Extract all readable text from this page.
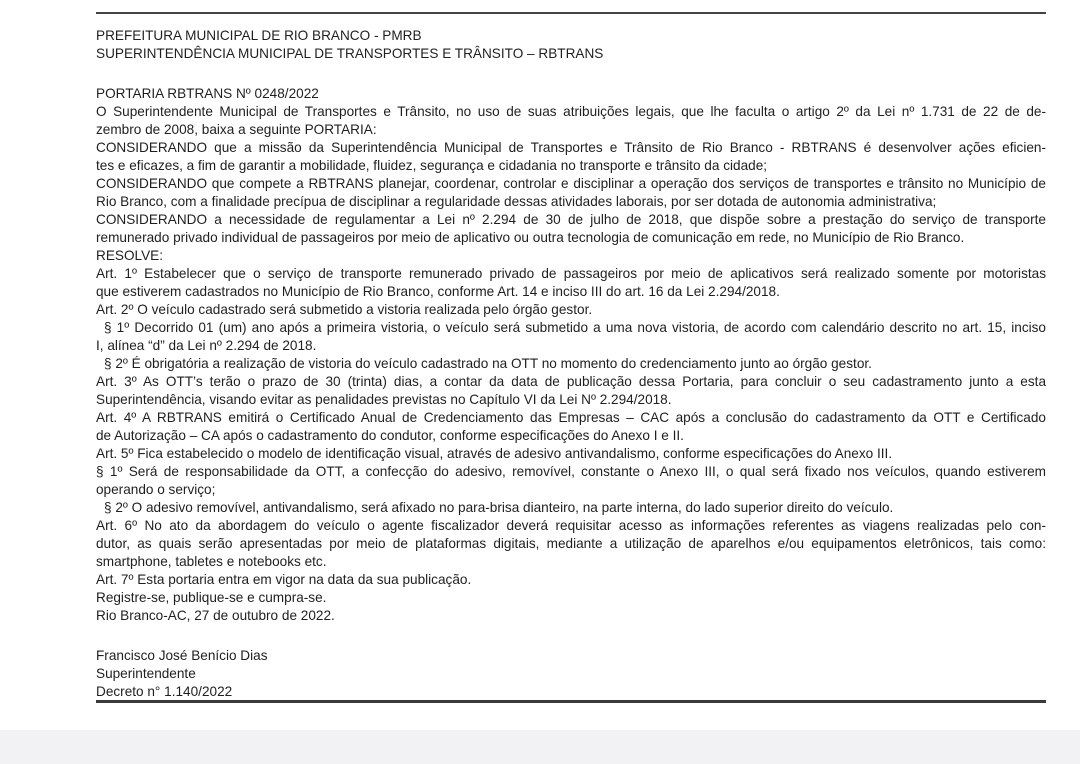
PREFEITURA MUNICIPAL DE RIO BRANCO - PMRB
SUPERINTENDÊNCIA MUNICIPAL DE TRANSPORTES E TRÂNSITO – RBTRANS
PORTARIA RBTRANS Nº 0248/2022
O Superintendente Municipal de Transportes e Trânsito, no uso de suas atribuições legais, que lhe faculta o artigo 2º da Lei nº 1.731 de 22 de de-
zembro de 2008, baixa a seguinte PORTARIA:
CONSIDERANDO que a missão da Superintendência Municipal de Transportes e Trânsito de Rio Branco - RBTRANS é desenvolver ações eficien-
tes e eficazes, a fim de garantir a mobilidade, fluidez, segurança e cidadania no transporte e trânsito da cidade;
CONSIDERANDO que compete a RBTRANS planejar, coordenar, controlar e disciplinar a operação dos serviços de transportes e trânsito no Município de
Rio Branco, com a finalidade precípua de disciplinar a regularidade dessas atividades laborais, por ser dotada de autonomia administrativa;
CONSIDERANDO a necessidade de regulamentar a Lei nº 2.294 de 30 de julho de 2018, que dispõe sobre a prestação do serviço de transporte
remunerado privado individual de passageiros por meio de aplicativo ou outra tecnologia de comunicação em rede, no Município de Rio Branco.
RESOLVE:
Art. 1º Estabelecer que o serviço de transporte remunerado privado de passageiros por meio de aplicativos será realizado somente por motoristas
que estiverem cadastrados no Município de Rio Branco, conforme Art. 14 e inciso III do art. 16 da Lei 2.294/2018.
Art. 2º O veículo cadastrado será submetido a vistoria realizada pelo órgão gestor.
§ 1º Decorrido 01 (um) ano após a primeira vistoria, o veículo será submetido a uma nova vistoria, de acordo com calendário descrito no art. 15, inciso
I, alínea “d” da Lei nº 2.294 de 2018.
§ 2º É obrigatória a realização de vistoria do veículo cadastrado na OTT no momento do credenciamento junto ao órgão gestor.
Art. 3º As OTT’s terão o prazo de 30 (trinta) dias, a contar da data de publicação dessa Portaria, para concluir o seu cadastramento junto a esta
Superintendência, visando evitar as penalidades previstas no Capítulo VI da Lei Nº 2.294/2018.
Art. 4º A RBTRANS emitirá o Certificado Anual de Credenciamento das Empresas – CAC após a conclusão do cadastramento da OTT e Certificado
de Autorização – CA após o cadastramento do condutor, conforme especificações do Anexo I e II.
Art. 5º Fica estabelecido o modelo de identificação visual, através de adesivo antivandalismo, conforme especificações do Anexo III.
§ 1º Será de responsabilidade da OTT, a confecção do adesivo, removível, constante o Anexo III, o qual será fixado nos veículos, quando estiverem
operando o serviço;
§ 2º O adesivo removível, antivandalismo, será afixado no para-brisa dianteiro, na parte interna, do lado superior direito do veículo.
Art. 6º No ato da abordagem do veículo o agente fiscalizador deverá requisitar acesso as informações referentes as viagens realizadas pelo con-
dutor, as quais serão apresentadas por meio de plataformas digitais, mediante a utilização de aparelhos e/ou equipamentos eletrônicos, tais como:
smartphone, tabletes e notebooks etc.
Art. 7º Esta portaria entra em vigor na data da sua publicação.
Registre-se, publique-se e cumpra-se.
Rio Branco-AC, 27 de outubro de 2022.
Francisco José Benício Dias
Superintendente
Decreto n° 1.140/2022
